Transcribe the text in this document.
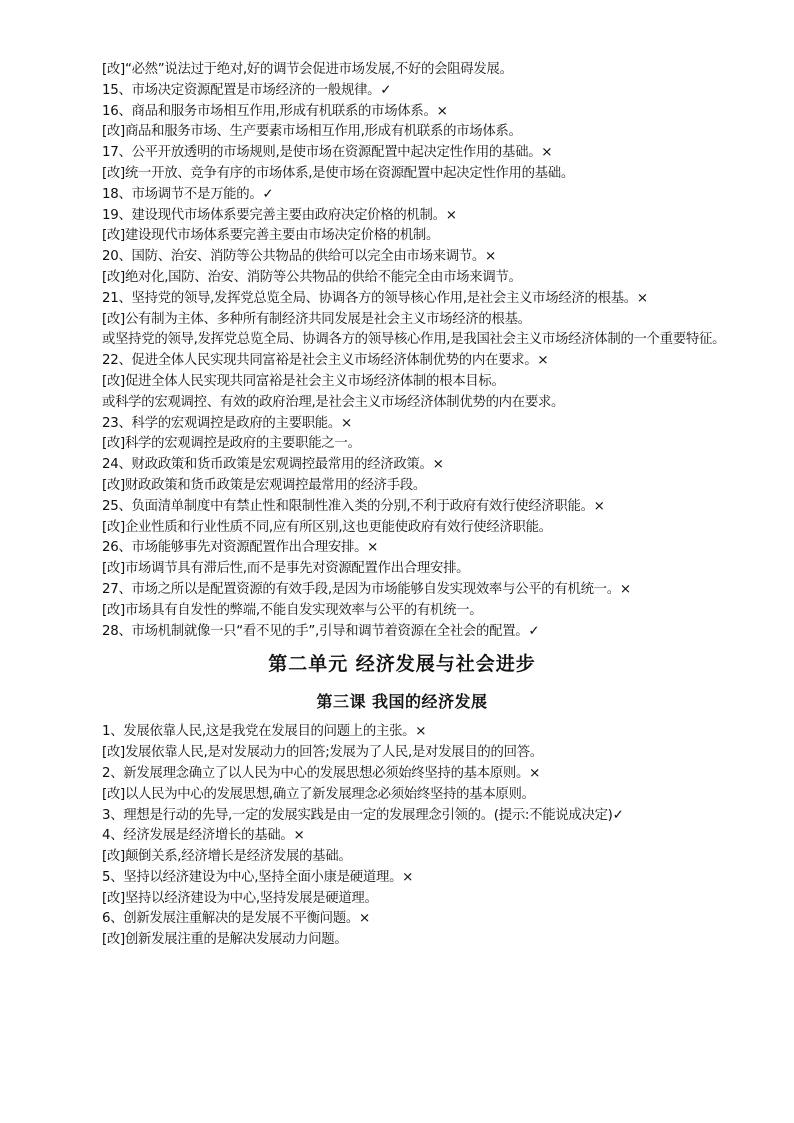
[改]“必然”说法过于绝对,好的调节会促进市场发展,不好的会阻碍发展。

15、市场决定资源配置是市场经济的一般规律。✓

16、商品和服务市场相互作用,形成有机联系的市场体系。×

[改]商品和服务市场、生产要素市场相互作用,形成有机联系的市场体系。

17、公平开放透明的市场规则,是使市场在资源配置中起决定性作用的基础。×

[改]统一开放、竞争有序的市场体系,是使市场在资源配置中起决定性作用的基础。

18、市场调节不是万能的。✓

19、建设现代市场体系要完善主要由政府决定价格的机制。×

[改]建设现代市场体系要完善主要由市场决定价格的机制。

20、国防、治安、消防等公共物品的供给可以完全由市场来调节。×

[改]绝对化,国防、治安、消防等公共物品的供给不能完全由市场来调节。

21、坚持党的领导,发挥党总览全局、协调各方的领导核心作用,是社会主义市场经济的根基。×

[改]公有制为主体、多种所有制经济共同发展是社会主义市场经济的根基。

或坚持党的领导,发挥党总览全局、协调各方的领导核心作用,是我国社会主义市场经济体制的一个重要特征。

22、促进全体人民实现共同富裕是社会主义市场经济体制优势的内在要求。×

[改]促进全体人民实现共同富裕是社会主义市场经济体制的根本目标。

或科学的宏观调控、有效的政府治理,是社会主义市场经济体制优势的内在要求。

23、科学的宏观调控是政府的主要职能。×

[改]科学的宏观调控是政府的主要职能之一。

24、财政政策和货币政策是宏观调控最常用的经济政策。×

[改]财政政策和货币政策是宏观调控最常用的经济手段。

25、负面清单制度中有禁止性和限制性准入类的分别,不利于政府有效行使经济职能。×

[改]企业性质和行业性质不同,应有所区别,这也更能使政府有效行使经济职能。

26、市场能够事先对资源配置作出合理安排。×

[改]市场调节具有滞后性,而不是事先对资源配置作出合理安排。

27、市场之所以是配置资源的有效手段,是因为市场能够自发实现效率与公平的有机统一。×

[改]市场具有自发性的弊端,不能自发实现效率与公平的有机统一。

28、市场机制就像一只“看不见的手”,引导和调节着资源在全社会的配置。✓

第二单元 经济发展与社会进步
第三课 我国的经济发展

1、发展依靠人民,这是我党在发展目的问题上的主张。×

[改]发展依靠人民,是对发展动力的回答;发展为了人民,是对发展目的的回答。

2、新发展理念确立了以人民为中心的发展思想必须始终坚持的基本原则。×

[改]以人民为中心的发展思想,确立了新发展理念必须始终坚持的基本原则。

3、理想是行动的先导,一定的发展实践是由一定的发展理念引领的。(提示:不能说成决定)✓

4、经济发展是经济增长的基础。×

[改]颠倒关系,经济增长是经济发展的基础。

5、坚持以经济建设为中心,坚持全面小康是硬道理。×

[改]坚持以经济建设为中心,坚持发展是硬道理。

6、创新发展注重解决的是发展不平衡问题。×

[改]创新发展注重的是解决发展动力问题。
